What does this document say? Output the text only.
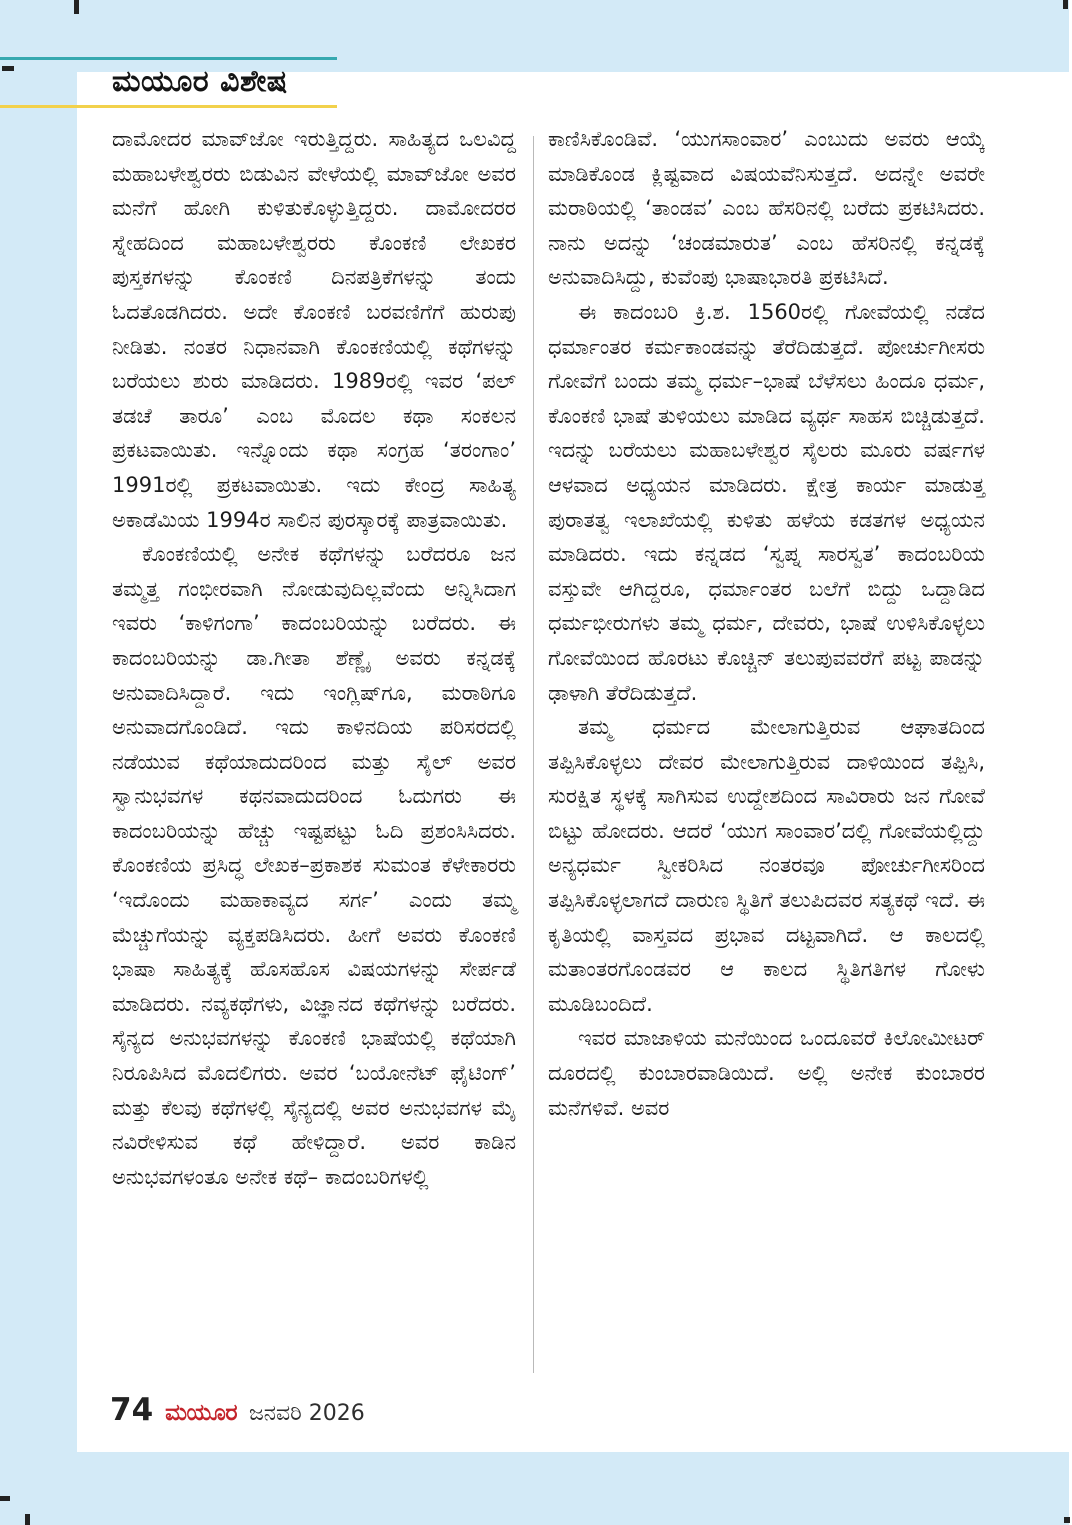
ಮಯೂರ ವಿಶೇಷ

ದಾಮೋದರ ಮಾವ್‌ಜೋ ಇರುತ್ತಿದ್ದರು. ಸಾಹಿತ್ಯದ ಒಲವಿದ್ದ ಮಹಾಬಳೇಶ್ವರರು ಬಿಡುವಿನ ವೇಳೆಯಲ್ಲಿ ಮಾವ್‌ಜೋ ಅವರ ಮನೆಗೆ ಹೋಗಿ ಕುಳಿತುಕೊಳ್ಳುತ್ತಿದ್ದರು. ದಾಮೋದರರ ಸ್ನೇಹದಿಂದ ಮಹಾಬಳೇಶ್ವರರು ಕೊಂಕಣಿ ಲೇಖಕರ ಪುಸ್ತಕಗಳನ್ನು ಕೊಂಕಣಿ ದಿನಪತ್ರಿಕೆಗಳನ್ನು ತಂದು ಓದತೊಡಗಿದರು. ಅದೇ ಕೊಂಕಣಿ ಬರವಣಿಗೆಗೆ ಹುರುಪು ನೀಡಿತು. ನಂತರ ನಿಧಾನವಾಗಿ ಕೊಂಕಣಿಯಲ್ಲಿ ಕಥೆಗಳನ್ನು ಬರೆಯಲು ಶುರು ಮಾಡಿದರು. 1989ರಲ್ಲಿ ಇವರ ‘ಪಲ್ ತಡಚೆ ತಾರೂ’ ಎಂಬ ಮೊದಲ ಕಥಾ ಸಂಕಲನ ಪ್ರಕಟವಾಯಿತು. ಇನ್ನೊಂದು ಕಥಾ ಸಂಗ್ರಹ ‘ತರಂಗಾಂ’ 1991ರಲ್ಲಿ ಪ್ರಕಟವಾಯಿತು. ಇದು ಕೇಂದ್ರ ಸಾಹಿತ್ಯ ಅಕಾಡೆಮಿಯ 1994ರ ಸಾಲಿನ ಪುರಸ್ಕಾರಕ್ಕೆ ಪಾತ್ರವಾಯಿತು.

ಕೊಂಕಣಿಯಲ್ಲಿ ಅನೇಕ ಕಥೆಗಳನ್ನು ಬರೆದರೂ ಜನ ತಮ್ಮತ್ತ ಗಂಭೀರವಾಗಿ ನೋಡುವುದಿಲ್ಲವೆಂದು ಅನ್ನಿಸಿದಾಗ ಇವರು ‘ಕಾಳಿಗಂಗಾ’ ಕಾದಂಬರಿಯನ್ನು ಬರೆದರು. ಈ ಕಾದಂಬರಿಯನ್ನು ಡಾ.ಗೀತಾ ಶೆಣ್ಣೈ ಅವರು ಕನ್ನಡಕ್ಕೆ ಅನುವಾದಿಸಿದ್ದಾರೆ. ಇದು ಇಂಗ್ಲಿಷ್‌ಗೂ, ಮರಾಠಿಗೂ ಅನುವಾದಗೊಂಡಿದೆ. ಇದು ಕಾಳಿನದಿಯ ಪರಿಸರದಲ್ಲಿ ನಡೆಯುವ ಕಥೆಯಾದುದರಿಂದ ಮತ್ತು ಸೈಲ್ ಅವರ ಸ್ವಾನುಭವಗಳ ಕಥನವಾದುದರಿಂದ ಓದುಗರು ಈ ಕಾದಂಬರಿಯನ್ನು ಹೆಚ್ಚು ಇಷ್ಟಪಟ್ಟು ಓದಿ ಪ್ರಶಂಸಿಸಿದರು. ಕೊಂಕಣಿಯ ಪ್ರಸಿದ್ಧ ಲೇಖಕ–ಪ್ರಕಾಶಕ ಸುಮಂತ ಕೆಳೇಕಾರರು ‘ಇದೊಂದು ಮಹಾಕಾವ್ಯದ ಸರ್ಗ’ ಎಂದು ತಮ್ಮ ಮೆಚ್ಚುಗೆಯನ್ನು ವ್ಯಕ್ತಪಡಿಸಿದರು. ಹೀಗೆ ಅವರು ಕೊಂಕಣಿ ಭಾಷಾ ಸಾಹಿತ್ಯಕ್ಕೆ ಹೊಸಹೊಸ ವಿಷಯಗಳನ್ನು ಸೇರ್ಪಡೆ ಮಾಡಿದರು. ನವ್ಯಕಥೆಗಳು, ವಿಜ್ಞಾನದ ಕಥೆಗಳನ್ನು ಬರೆದರು. ಸೈನ್ಯದ ಅನುಭವಗಳನ್ನು ಕೊಂಕಣಿ ಭಾಷೆಯಲ್ಲಿ ಕಥೆಯಾಗಿ ನಿರೂಪಿಸಿದ ಮೊದಲಿಗರು. ಅವರ ‘ಬಯೋನೆಟ್ ಫೈಟಿಂಗ್’ ಮತ್ತು ಕೆಲವು ಕಥೆಗಳಲ್ಲಿ ಸೈನ್ಯದಲ್ಲಿ ಅವರ ಅನುಭವಗಳ ಮೈ ನವಿರೇಳಿಸುವ ಕಥೆ ಹೇಳಿದ್ದಾರೆ. ಅವರ ಕಾಡಿನ ಅನುಭವಗಳಂತೂ ಅನೇಕ ಕಥೆ– ಕಾದಂಬರಿಗಳಲ್ಲಿ

ಕಾಣಿಸಿಕೊಂಡಿವೆ. ‘ಯುಗಸಾಂವಾರ’ ಎಂಬುದು ಅವರು ಆಯ್ಕೆ ಮಾಡಿಕೊಂಡ ಕ್ಲಿಷ್ಟವಾದ ವಿಷಯವೆನಿಸುತ್ತದೆ. ಅದನ್ನೇ ಅವರೇ ಮರಾಠಿಯಲ್ಲಿ ‘ತಾಂಡವ’ ಎಂಬ ಹೆಸರಿನಲ್ಲಿ ಬರೆದು ಪ್ರಕಟಿಸಿದರು. ನಾನು ಅದನ್ನು ‘ಚಂಡಮಾರುತ’ ಎಂಬ ಹೆಸರಿನಲ್ಲಿ ಕನ್ನಡಕ್ಕೆ ಅನುವಾದಿಸಿದ್ದು, ಕುವೆಂಪು ಭಾಷಾಭಾರತಿ ಪ್ರಕಟಿಸಿದೆ.

ಈ ಕಾದಂಬರಿ ಕ್ರಿ.ಶ. 1560ರಲ್ಲಿ ಗೋವೆಯಲ್ಲಿ ನಡೆದ ಧರ್ಮಾಂತರ ಕರ್ಮಕಾಂಡವನ್ನು ತೆರೆದಿಡುತ್ತದೆ. ಪೋರ್ಚುಗೀಸರು ಗೋವೆಗೆ ಬಂದು ತಮ್ಮ ಧರ್ಮ–ಭಾಷೆ ಬೆಳೆಸಲು ಹಿಂದೂ ಧರ್ಮ, ಕೊಂಕಣಿ ಭಾಷೆ ತುಳಿಯಲು ಮಾಡಿದ ವ್ಯರ್ಥ ಸಾಹಸ ಬಿಚ್ಚಿಡುತ್ತದೆ. ಇದನ್ನು ಬರೆಯಲು ಮಹಾಬಳೇಶ್ವರ ಸೈಲರು ಮೂರು ವರ್ಷಗಳ ಆಳವಾದ ಅಧ್ಯಯನ ಮಾಡಿದರು. ಕ್ಷೇತ್ರ ಕಾರ್ಯ ಮಾಡುತ್ತ ಪುರಾತತ್ವ ಇಲಾಖೆಯಲ್ಲಿ ಕುಳಿತು ಹಳೆಯ ಕಡತಗಳ ಅಧ್ಯಯನ ಮಾಡಿದರು. ಇದು ಕನ್ನಡದ ‘ಸ್ವಪ್ನ ಸಾರಸ್ವತ’ ಕಾದಂಬರಿಯ ವಸ್ತುವೇ ಆಗಿದ್ದರೂ, ಧರ್ಮಾಂತರ ಬಲೆಗೆ ಬಿದ್ದು ಒದ್ದಾಡಿದ ಧರ್ಮಭೀರುಗಳು ತಮ್ಮ ಧರ್ಮ, ದೇವರು, ಭಾಷೆ ಉಳಿಸಿಕೊಳ್ಳಲು ಗೋವೆಯಿಂದ ಹೊರಟು ಕೊಚ್ಚಿನ್ ತಲುಪುವವರೆಗೆ ಪಟ್ಟ ಪಾಡನ್ನು ಢಾಳಾಗಿ ತೆರೆದಿಡುತ್ತದೆ.

ತಮ್ಮ ಧರ್ಮದ ಮೇಲಾಗುತ್ತಿರುವ ಆಘಾತದಿಂದ ತಪ್ಪಿಸಿಕೊಳ್ಳಲು ದೇವರ ಮೇಲಾಗುತ್ತಿರುವ ದಾಳಿಯಿಂದ ತಪ್ಪಿಸಿ, ಸುರಕ್ಷಿತ ಸ್ಥಳಕ್ಕೆ ಸಾಗಿಸುವ ಉದ್ದೇಶದಿಂದ ಸಾವಿರಾರು ಜನ ಗೋವೆ ಬಿಟ್ಟು ಹೋದರು. ಆದರೆ ‘ಯುಗ ಸಾಂವಾರ’ದಲ್ಲಿ ಗೋವೆಯಲ್ಲಿದ್ದು ಅನ್ಯಧರ್ಮ ಸ್ವೀಕರಿಸಿದ ನಂತರವೂ ಪೋರ್ಚುಗೀಸರಿಂದ ತಪ್ಪಿಸಿಕೊಳ್ಳಲಾಗದೆ ದಾರುಣ ಸ್ಥಿತಿಗೆ ತಲುಪಿದವರ ಸತ್ಯಕಥೆ ಇದೆ. ಈ ಕೃತಿಯಲ್ಲಿ ವಾಸ್ತವದ ಪ್ರಭಾವ ದಟ್ಟವಾಗಿದೆ. ಆ ಕಾಲದಲ್ಲಿ ಮತಾಂತರಗೊಂಡವರ ಆ ಕಾಲದ ಸ್ಥಿತಿಗತಿಗಳ ಗೋಳು ಮೂಡಿಬಂದಿದೆ.

ಇವರ ಮಾಜಾಳಿಯ ಮನೆಯಿಂದ ಒಂದೂವರೆ ಕಿಲೋಮೀಟರ್ ದೂರದಲ್ಲಿ ಕುಂಬಾರವಾಡಿಯಿದೆ. ಅಲ್ಲಿ ಅನೇಕ ಕುಂಬಾರರ ಮನೆಗಳಿವೆ. ಅವರ

74 ಮಯೂರ ಜನವರಿ 2026
